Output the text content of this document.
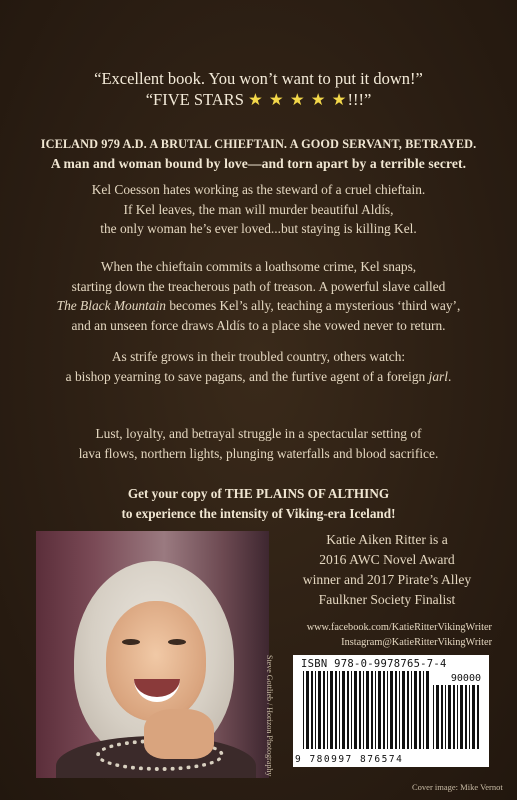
“Excellent book. You won’t want to put it down!”
“FIVE STARS ★ ★ ★ ★ ★!!!”
ICELAND 979 A.D. A BRUTAL CHIEFTAIN. A GOOD SERVANT, BETRAYED.
A man and woman bound by love—and torn apart by a terrible secret.
Kel Coesson hates working as the steward of a cruel chieftain.
If Kel leaves, the man will murder beautiful Aldís,
the only woman he’s ever loved...but staying is killing Kel.
When the chieftain commits a loathsome crime, Kel snaps,
starting down the treacherous path of treason. A powerful slave called
The Black Mountain becomes Kel’s ally, teaching a mysterious ‘third way’,
and an unseen force draws Aldís to a place she vowed never to return.
As strife grows in their troubled country, others watch:
a bishop yearning to save pagans, and the furtive agent of a foreign jarl.
Lust, loyalty, and betrayal struggle in a spectacular setting of
lava flows, northern lights, plunging waterfalls and blood sacrifice.
Get your copy of THE PLAINS OF ALTHING
to experience the intensity of Viking-era Iceland!
Steve Gottlieb / Horizon Photography
Katie Aiken Ritter is a
2016 AWC Novel Award
winner and 2017 Pirate’s Alley
Faulkner Society Finalist
www.facebook.com/KatieRitterVikingWriter
Instagram@KatieRitterVikingWriter
ISBN 978-0-9978765-7-4
90000
9 780997 876574
Cover image: Mike Vernot
